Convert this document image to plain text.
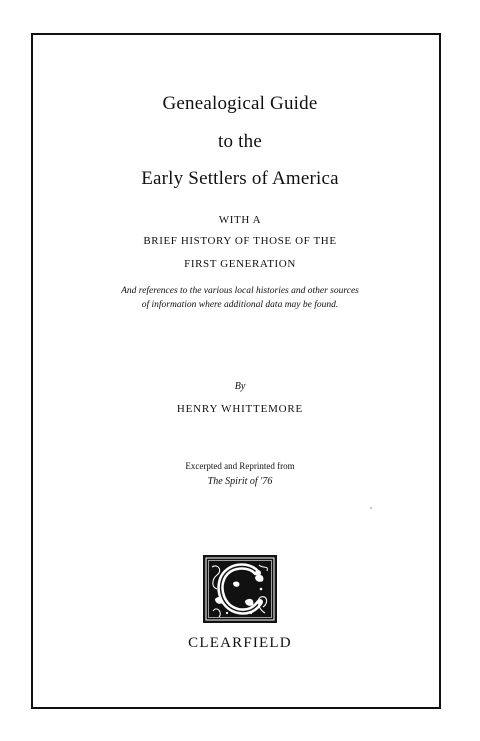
Genealogical Guide
to the
Early Settlers of America
WITH A
BRIEF HISTORY OF THOSE OF THE
FIRST GENERATION
And references to the various local histories and other sources
of information where additional data may be found.
By
HENRY WHITTEMORE
Excerpted and Reprinted from
The Spirit of '76
CLEARFIELD
